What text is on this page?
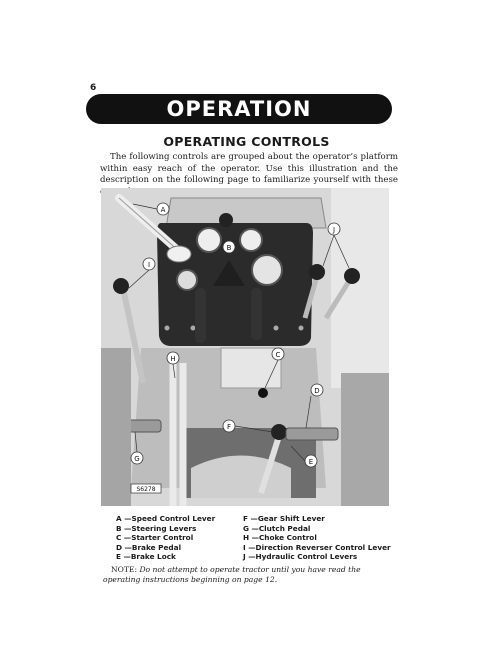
6
OPERATION
OPERATING CONTROLS
The following controls are grouped about the operator’s platform within easy reach of the operator. Use this illustration and the description on the following page to familiarize yourself with these
S6278
A
B
C
D
E
F
G
H
I
J
A —Speed Control Lever
B —Steering Levers
C —Starter Control
D —Brake Pedal
E —Brake Lock
F —Gear Shift Lever
G —Clutch Pedal
H —Choke Control
I —Direction Reverser Control Lever
J —Hydraulic Control Levers
NOTE: Do not attempt to operate tractor until you have read the operating instructions beginning on page 12.
